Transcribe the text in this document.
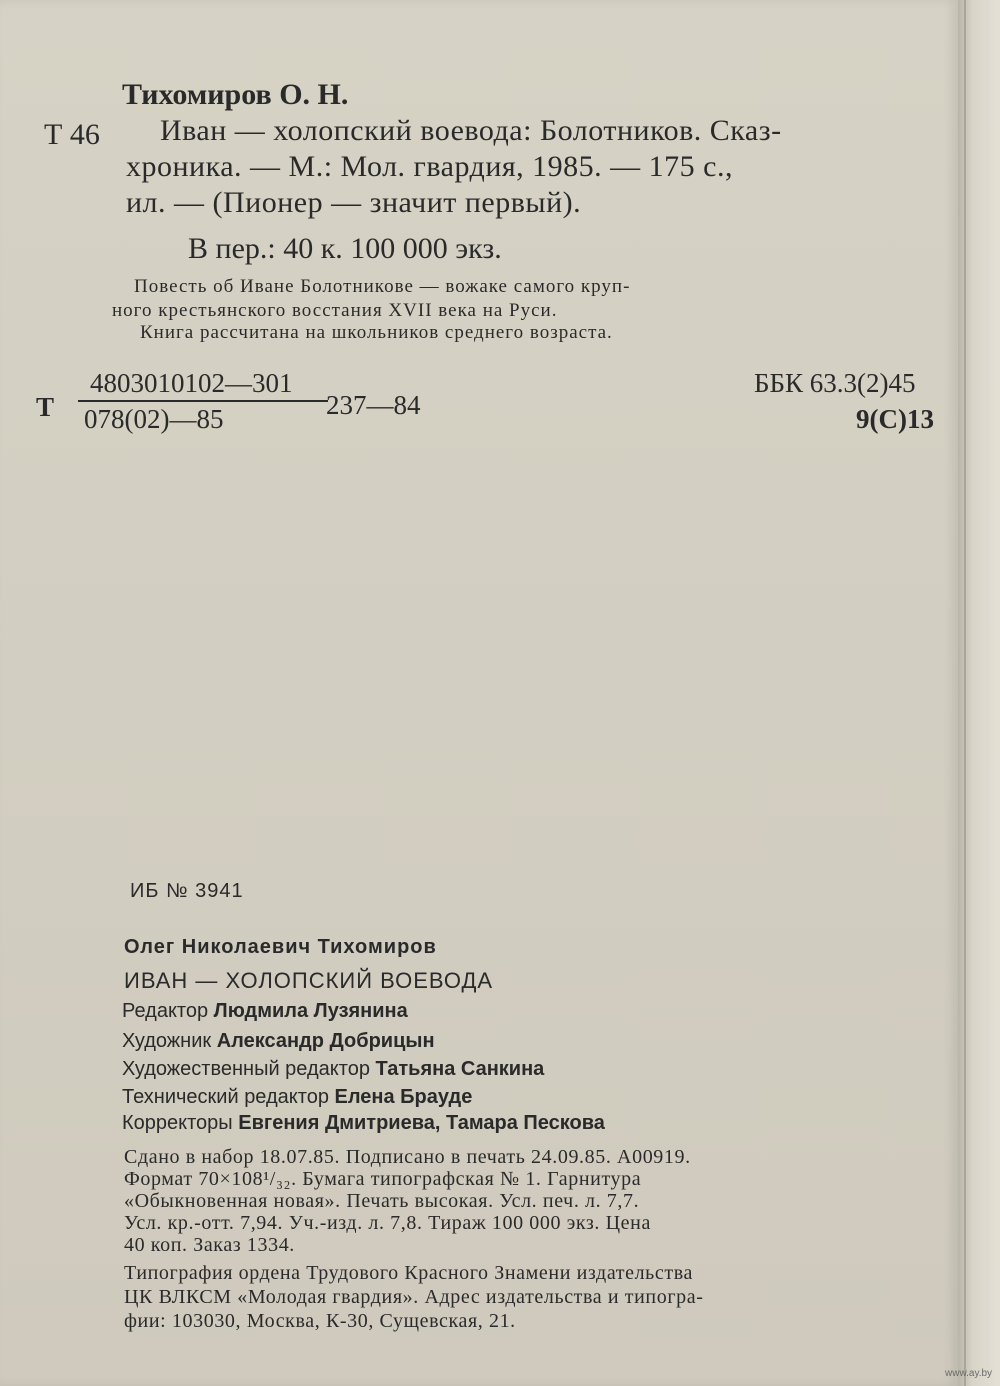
Тихомиров О. Н.
Т 46 Иван — холопский воевода: Болотников. Сказ-
хроника. — М.: Мол. гвардия, 1985. — 175 с.,
ил. — (Пионер — значит первый).
В пер.: 40 к. 100 000 экз.
Повесть об Иване Болотникове — вожаке самого круп-
ного крестьянского восстания XVII века на Руси.
Книга рассчитана на школьников среднего возраста.
Т
4803010102—301
078(02)—85	237—84
ББК 63.3(2)45
9(С)13
ИБ № 3941
Олег Николаевич Тихомиров
ИВАН — ХОЛОПСКИЙ ВОЕВОДА
Редактор Людмила Лузянина
Художник Александр Добрицын
Художественный редактор Татьяна Санкина
Технический редактор Елена Брауде
Корректоры Евгения Дмитриева, Тамара Пескова
Сдано в набор 18.07.85. Подписано в печать 24.09.85. А00919.
Формат 70×108¹/₃₂. Бумага типографская № 1. Гарнитура
«Обыкновенная новая». Печать высокая. Усл. печ. л. 7,7.
Усл. кр.-отт. 7,94. Уч.-изд. л. 7,8. Тираж 100 000 экз. Цена
40 коп. Заказ 1334.
Типография ордена Трудового Красного Знамени издательства
ЦК ВЛКСМ «Молодая гвардия». Адрес издательства и типогра-
фии: 103030, Москва, К-30, Сущевская, 21.
www.ay.by
